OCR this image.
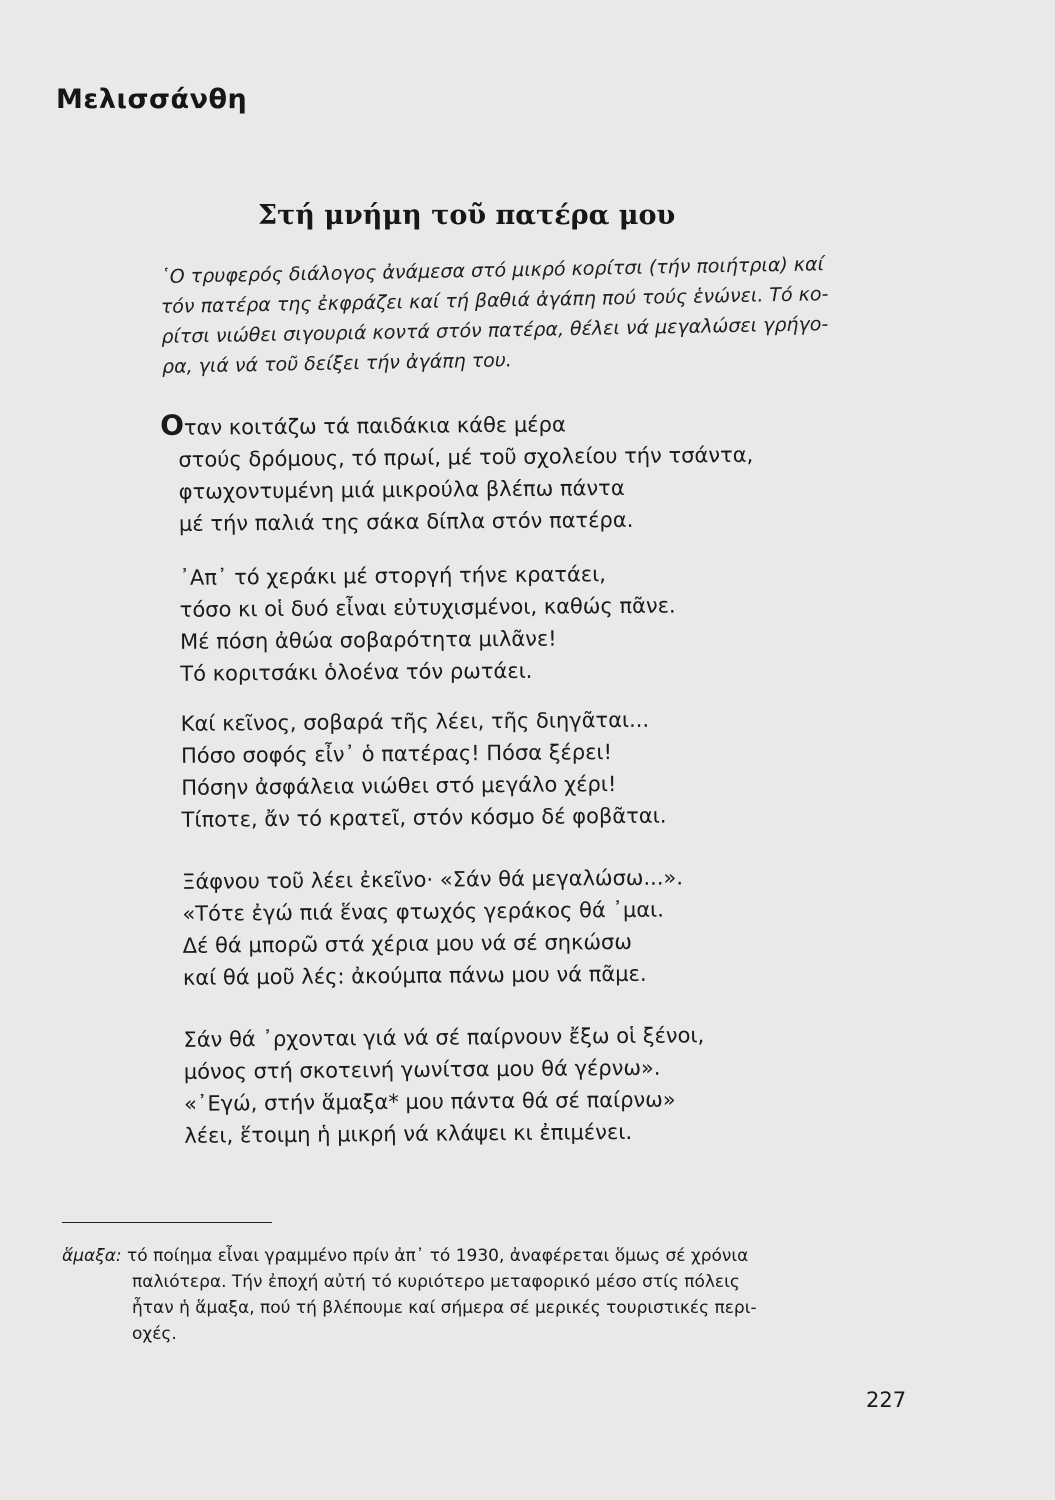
Μελισσάνθη
Στή μνήμη τοῦ πατέρα μου
῾Ο τρυφερός διάλογος ἀνάμεσα στό μικρό κορίτσι (τήν ποιήτρια) καί
τόν πατέρα της ἐκφράζει καί τή βαθιά ἀγάπη πού τούς ἑνώνει. Τό κο-
ρίτσι νιώθει σιγουριά κοντά στόν πατέρα, θέλει νά μεγαλώσει γρήγο-
ρα, γιά νά τοῦ δείξει τήν ἀγάπη του.
Οταν κοιτάζω τά παιδάκια κάθε μέρα
στούς δρόμους, τό πρωί, μέ τοῦ σχολείου τήν τσάντα,
φτωχοντυμένη μιά μικρούλα βλέπω πάντα
μέ τήν παλιά της σάκα δίπλα στόν πατέρα.
᾿Απ᾿ τό χεράκι μέ στοργή τήνε κρατάει,
τόσο κι οἱ δυό εἶναι εὐτυχισμένοι, καθώς πᾶνε.
Μέ πόση ἀθώα σοβαρότητα μιλᾶνε!
Τό κοριτσάκι ὁλοένα τόν ρωτάει.
Καί κεῖνος, σοβαρά τῆς λέει, τῆς διηγᾶται...
Πόσο σοφός εἶν᾿ ὁ πατέρας! Πόσα ξέρει!
Πόσην ἀσφάλεια νιώθει στό μεγάλο χέρι!
Τίποτε, ἄν τό κρατεῖ, στόν κόσμο δέ φοβᾶται.
Ξάφνου τοῦ λέει ἐκεῖνο· «Σάν θά μεγαλώσω...».
«Τότε ἐγώ πιά ἕνας φτωχός γεράκος θά ᾿μαι.
Δέ θά μπορῶ στά χέρια μου νά σέ σηκώσω
καί θά μοῦ λές: ἀκούμπα πάνω μου νά πᾶμε.
Σάν θά ᾿ρχονται γιά νά σέ παίρνουν ἔξω οἱ ξένοι,
μόνος στή σκοτεινή γωνίτσα μου θά γέρνω».
«᾿Εγώ, στήν ἅμαξα* μου πάντα θά σέ παίρνω»
λέει, ἕτοιμη ἡ μικρή νά κλάψει κι ἐπιμένει.
ἅμαξα: τό ποίημα εἶναι γραμμένο πρίν ἀπ᾿ τό 1930, ἀναφέρεται ὅμως σέ χρόνια
παλιότερα. Τήν ἐποχή αὐτή τό κυριότερο μεταφορικό μέσο στίς πόλεις
ἦταν ἡ ἅμαξα, πού τή βλέπουμε καί σήμερα σέ μερικές τουριστικές περι-
οχές.
227
